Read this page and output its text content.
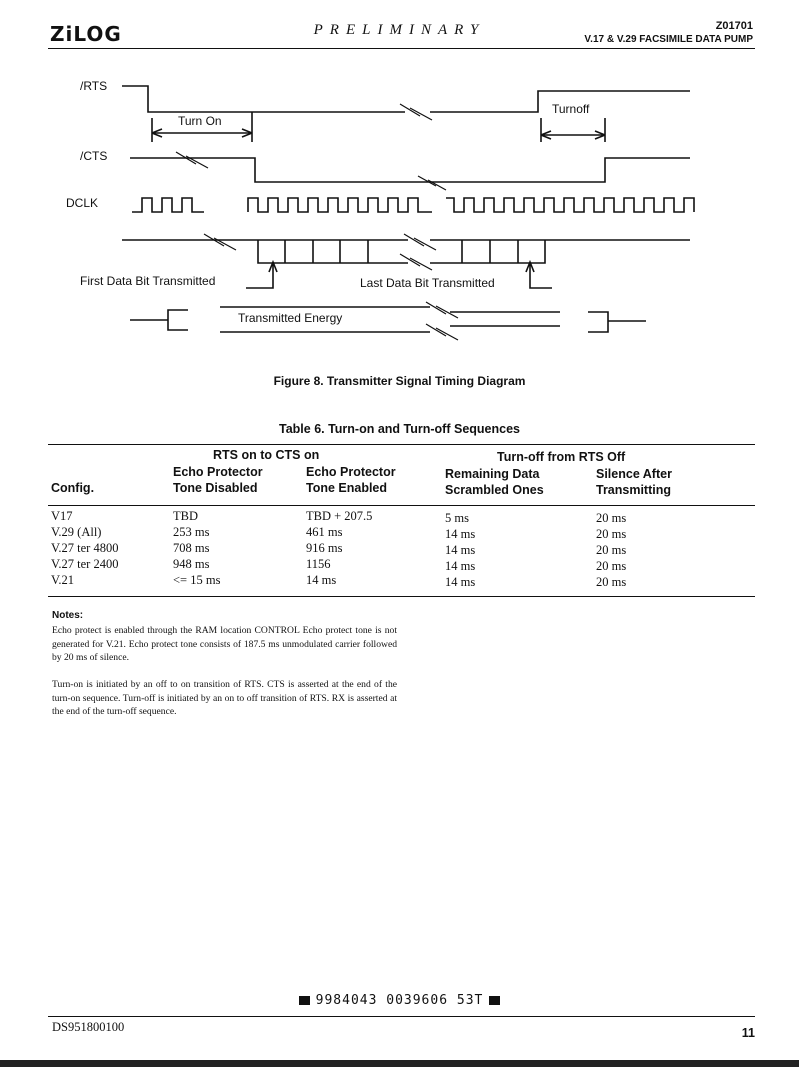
ZiLOG	PRELIMINARY	Z01701
V.17 & V.29 FACSIMILE DATA PUMP
/RTS
/CTS
DCLK
Turn On
Turnoff
First Data Bit Transmitted	Last Data Bit Transmitted
Transmitted Energy
Figure 8. Transmitter Signal Timing Diagram
Table 6. Turn-on and Turn-off Sequences
RTS on to CTS on	Turn-off from RTS Off
Config.
Echo Protector
Tone Disabled
Echo Protector
Tone Enabled
Remaining Data
Scrambled Ones
Silence After
Transmitting
V17	TBD	TBD + 207.5	5 ms	20 ms
V.29 (All)	253 ms	461 ms	14 ms	20 ms
V.27 ter 4800	708 ms	916 ms	14 ms	20 ms
V.27 ter 2400	948 ms	1156	14 ms	20 ms
V.21	<= 15 ms	14 ms	14 ms	20 ms
Notes:
Echo protect is enabled through the RAM location CONTROL Echo protect tone is not generated for V.21. Echo protect tone consists of 187.5 ms unmodulated carrier followed by 20 ms of silence.
Turn-on is initiated by an off to on transition of RTS. CTS is asserted at the end of the turn-on sequence. Turn-off is initiated by an on to off transition of RTS. RX is asserted at the end of the turn-off sequence.
9984043 0039606 53T
DS951800100	11
